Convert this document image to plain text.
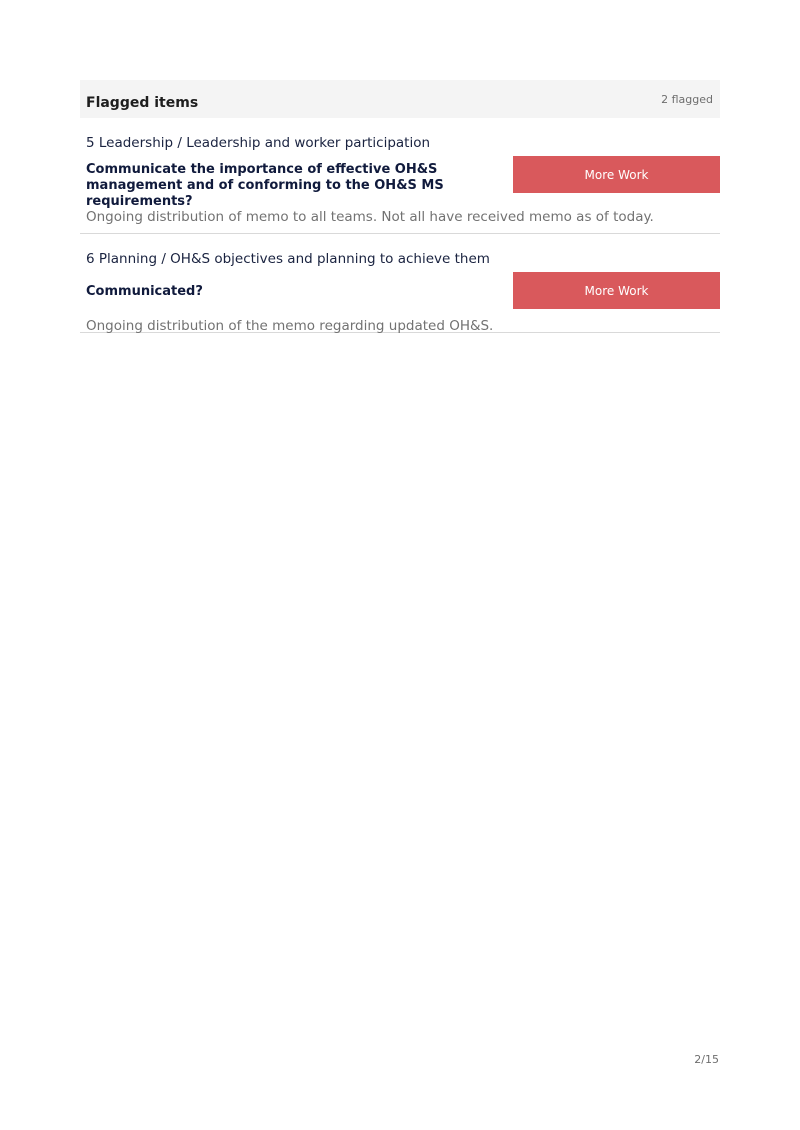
Flagged items	2 flagged
5 Leadership / Leadership and worker participation
Communicate the importance of effective OH&S management and of conforming to the OH&S MS requirements?
More Work
Ongoing distribution of memo to all teams. Not all have received memo as of today.
6 Planning / OH&S objectives and planning to achieve them
Communicated?	More Work
Ongoing distribution of the memo regarding updated OH&S.
2/15
